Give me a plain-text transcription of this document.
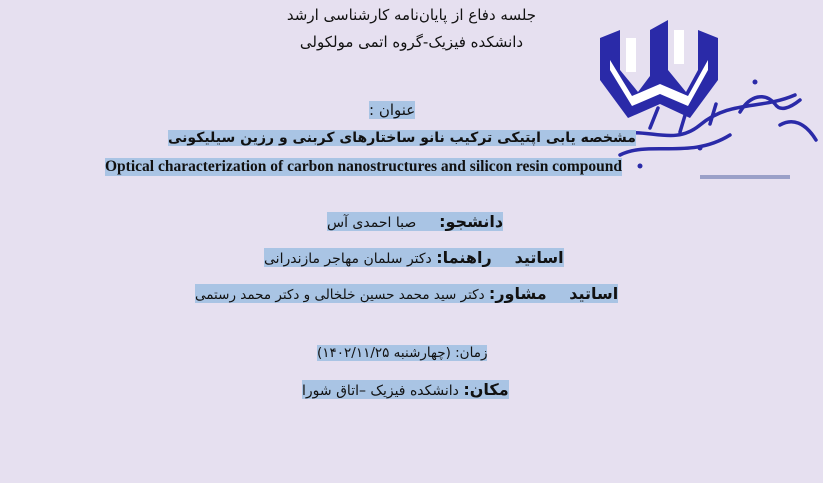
جلسه دفاع از پایان‌نامه کارشناسی ارشد
دانشکده فیزیک-گروه اتمی مولکولی
عنوان :
مشخصه یابی اپتیکی ترکیب نانو ساختارهای کربنی و رزین سیلیکونی
Optical characterization of carbon nanostructures and silicon resin compound
دانشجو:  صبا احمدی آس
اساتید  راهنما: دکتر سلمان مهاجر مازندرانی
اساتید  مشاور: دکتر سید محمد حسین خلخالی و دکتر محمد رستمی
زمان: (چهارشنبه ۱۴۰۲/۱۱/۲۵)
مکان: دانشکده فیزیک –اتاق شورا
